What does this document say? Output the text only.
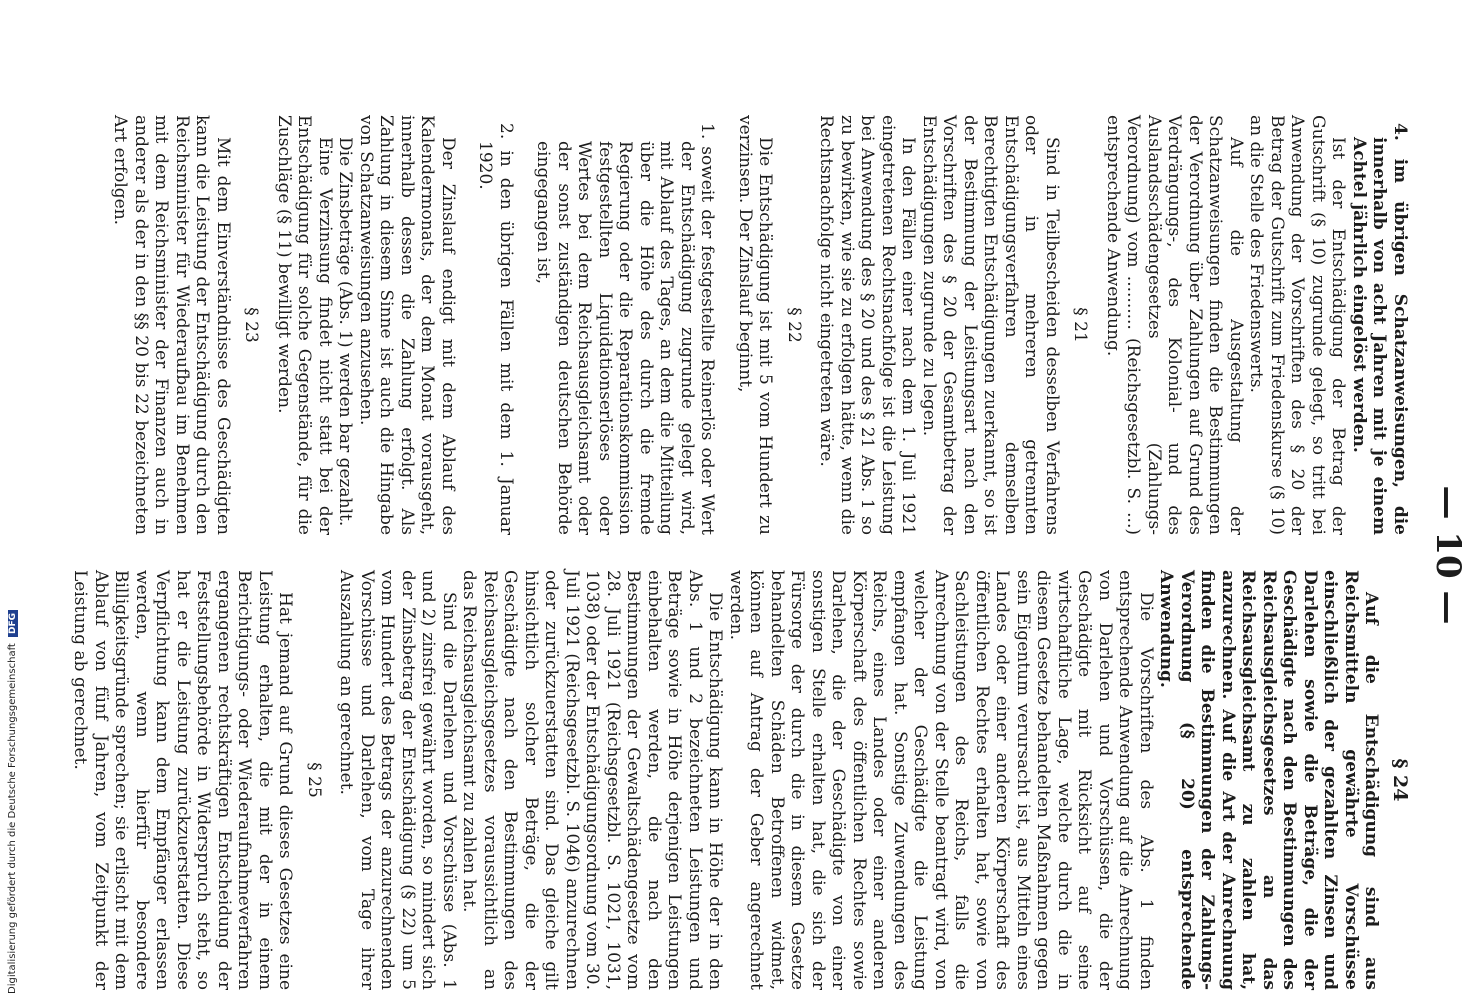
Digitalisierung gefördert durch die Deutsche Forschungsgemeinschaft DFG	— 10 —

4. im übrigen Schatzanweisungen, die innerhalb von acht Jahren mit je einem Achtel jährlich eingelöst werden.

Ist der Entschädigung der Betrag der Gutschrift (§ 10) zugrunde gelegt, so tritt bei Anwendung der Vorschriften des § 20 der Betrag der Gutschrift zum Friedenskurse (§ 10) an die Stelle des Friedenswerts.

Auf die Ausgestaltung der Schatzanweisungen finden die Bestimmungen der Verordnung über Zahlungen auf Grund des Verdrängungs-, des Kolonial- und des Auslandsschädengesetzes (Zahlungs-Verordnung) vom .......... (Reichsgesetzbl. S. ...) entsprechende Anwendung.

§ 21

Sind in Teilbescheiden desselben Verfahrens oder in mehreren getrennten Entschädigungsverfahren demselben Berechtigten Entschädigungen zuerkannt, so ist der Bestimmung der Leistungsart nach den Vorschriften des § 20 der Gesamtbetrag der Entschädigungen zugrunde zu legen.

In den Fällen einer nach dem 1. Juli 1921 eingetretenen Rechtsnachfolge ist die Leistung bei Anwendung des § 20 und des § 21 Abs. 1 so zu bewirken, wie sie zu erfolgen hätte, wenn die Rechtsnachfolge nicht eingetreten wäre.

§ 22

Die Entschädigung ist mit 5 vom Hundert zu verzinsen. Der Zinslauf beginnt,

1. soweit der festgestellte Reinerlös oder Wert der Entschädigung zugrunde gelegt wird, mit Ablauf des Tages, an dem die Mitteilung über die Höhe des durch die fremde Regierung oder die Reparationskommission festgestellten Liquidationserlöses oder Wertes bei dem Reichsausgleichsamt oder der sonst zuständigen deutschen Behörde eingegangen ist,

2. in den übrigen Fällen mit dem 1. Januar 1920.

Der Zinslauf endigt mit dem Ablauf des Kalendermonats, der dem Monat vorausgeht, innerhalb dessen die Zahlung erfolgt. Als Zahlung in diesem Sinne ist auch die Hingabe von Schatzanweisungen anzusehen.

Die Zinsbeträge (Abs. 1) werden bar gezahlt.

Eine Verzinsung findet nicht statt bei der Entschädigung für solche Gegenstände, für die Zuschläge (§ 11) bewilligt werden.

§ 23

Mit dem Einverständnisse des Geschädigten kann die Leistung der Entschädigung durch den Reichsminister für Wiederaufbau im Benehmen mit dem Reichsminister der Finanzen auch in anderer als der in den §§ 20 bis 22 bezeichneten Art erfolgen.

§ 24

Auf die Entschädigung sind aus Reichsmitteln gewährte Vorschüsse einschließlich der gezahlten Zinsen und Darlehen sowie die Beträge, die der Geschädigte nach den Bestimmungen des Reichsausgleichsgesetzes an das Reichsausgleichsamt zu zahlen hat, anzurechnen. Auf die Art der Anrechnung finden die Bestimmungen der Zahlungs-Verordnung (§ 20) entsprechende Anwendung.

Die Vorschriften des Abs. 1 finden entsprechende Anwendung auf die Anrechnung von Darlehen und Vorschüssen, die der Geschädigte mit Rücksicht auf seine wirtschaftliche Lage, welche durch die in diesem Gesetze behandelten Maßnahmen gegen sein Eigentum verursacht ist, aus Mitteln eines Landes oder einer anderen Körperschaft des öffentlichen Rechtes erhalten hat, sowie von Sachleistungen des Reichs, falls die Anrechnung von der Stelle beantragt wird, von welcher der Geschädigte die Leistung empfangen hat. Sonstige Zuwendungen des Reichs, eines Landes oder einer anderen Körperschaft des öffentlichen Rechtes sowie Darlehen, die der Geschädigte von einer sonstigen Stelle erhalten hat, die sich der Fürsorge der durch die in diesem Gesetze behandelten Schäden Betroffenen widmet, können auf Antrag der Geber angerechnet werden.

Die Entschädigung kann in Höhe der in den Abs. 1 und 2 bezeichneten Leistungen und Beträge sowie in Höhe derjenigen Leistungen einbehalten werden, die nach den Bestimmungen der Gewaltschädengesetze vom 28. Juli 1921 (Reichsgesetzbl. S. 1021, 1031, 1038) oder der Entschädigungsordnung vom 30. Juli 1921 (Reichsgesetzbl. S. 1046) anzurechnen oder zurückzuerstatten sind. Das gleiche gilt hinsichtlich solcher Beträge, die der Geschädigte nach den Bestimmungen des Reichsausgleichsgesetzes voraussichtlich an das Reichsausgleichsamt zu zahlen hat.

Sind die Darlehen und Vorschüsse (Abs. 1 und 2) zinsfrei gewährt worden, so mindert sich der Zinsbetrag der Entschädigung (§ 22) um 5 vom Hundert des Betrags der anzurechnenden Vorschüsse und Darlehen, vom Tage ihrer Auszahlung an gerechnet.

§ 25

Hat jemand auf Grund dieses Gesetzes eine Leistung erhalten, die mit der in einem Berichtigungs- oder Wiederaufnahmeverfahren ergangenen rechtskräftigen Entscheidung der Feststellungsbehörde in Widerspruch steht, so hat er die Leistung zurückzuerstatten. Diese Verpflichtung kann dem Empfänger erlassen werden, wenn hierfür besondere Billigkeitsgründe sprechen; sie erlischt mit dem Ablauf von fünf Jahren, vom Zeitpunkt der Leistung ab gerechnet.
